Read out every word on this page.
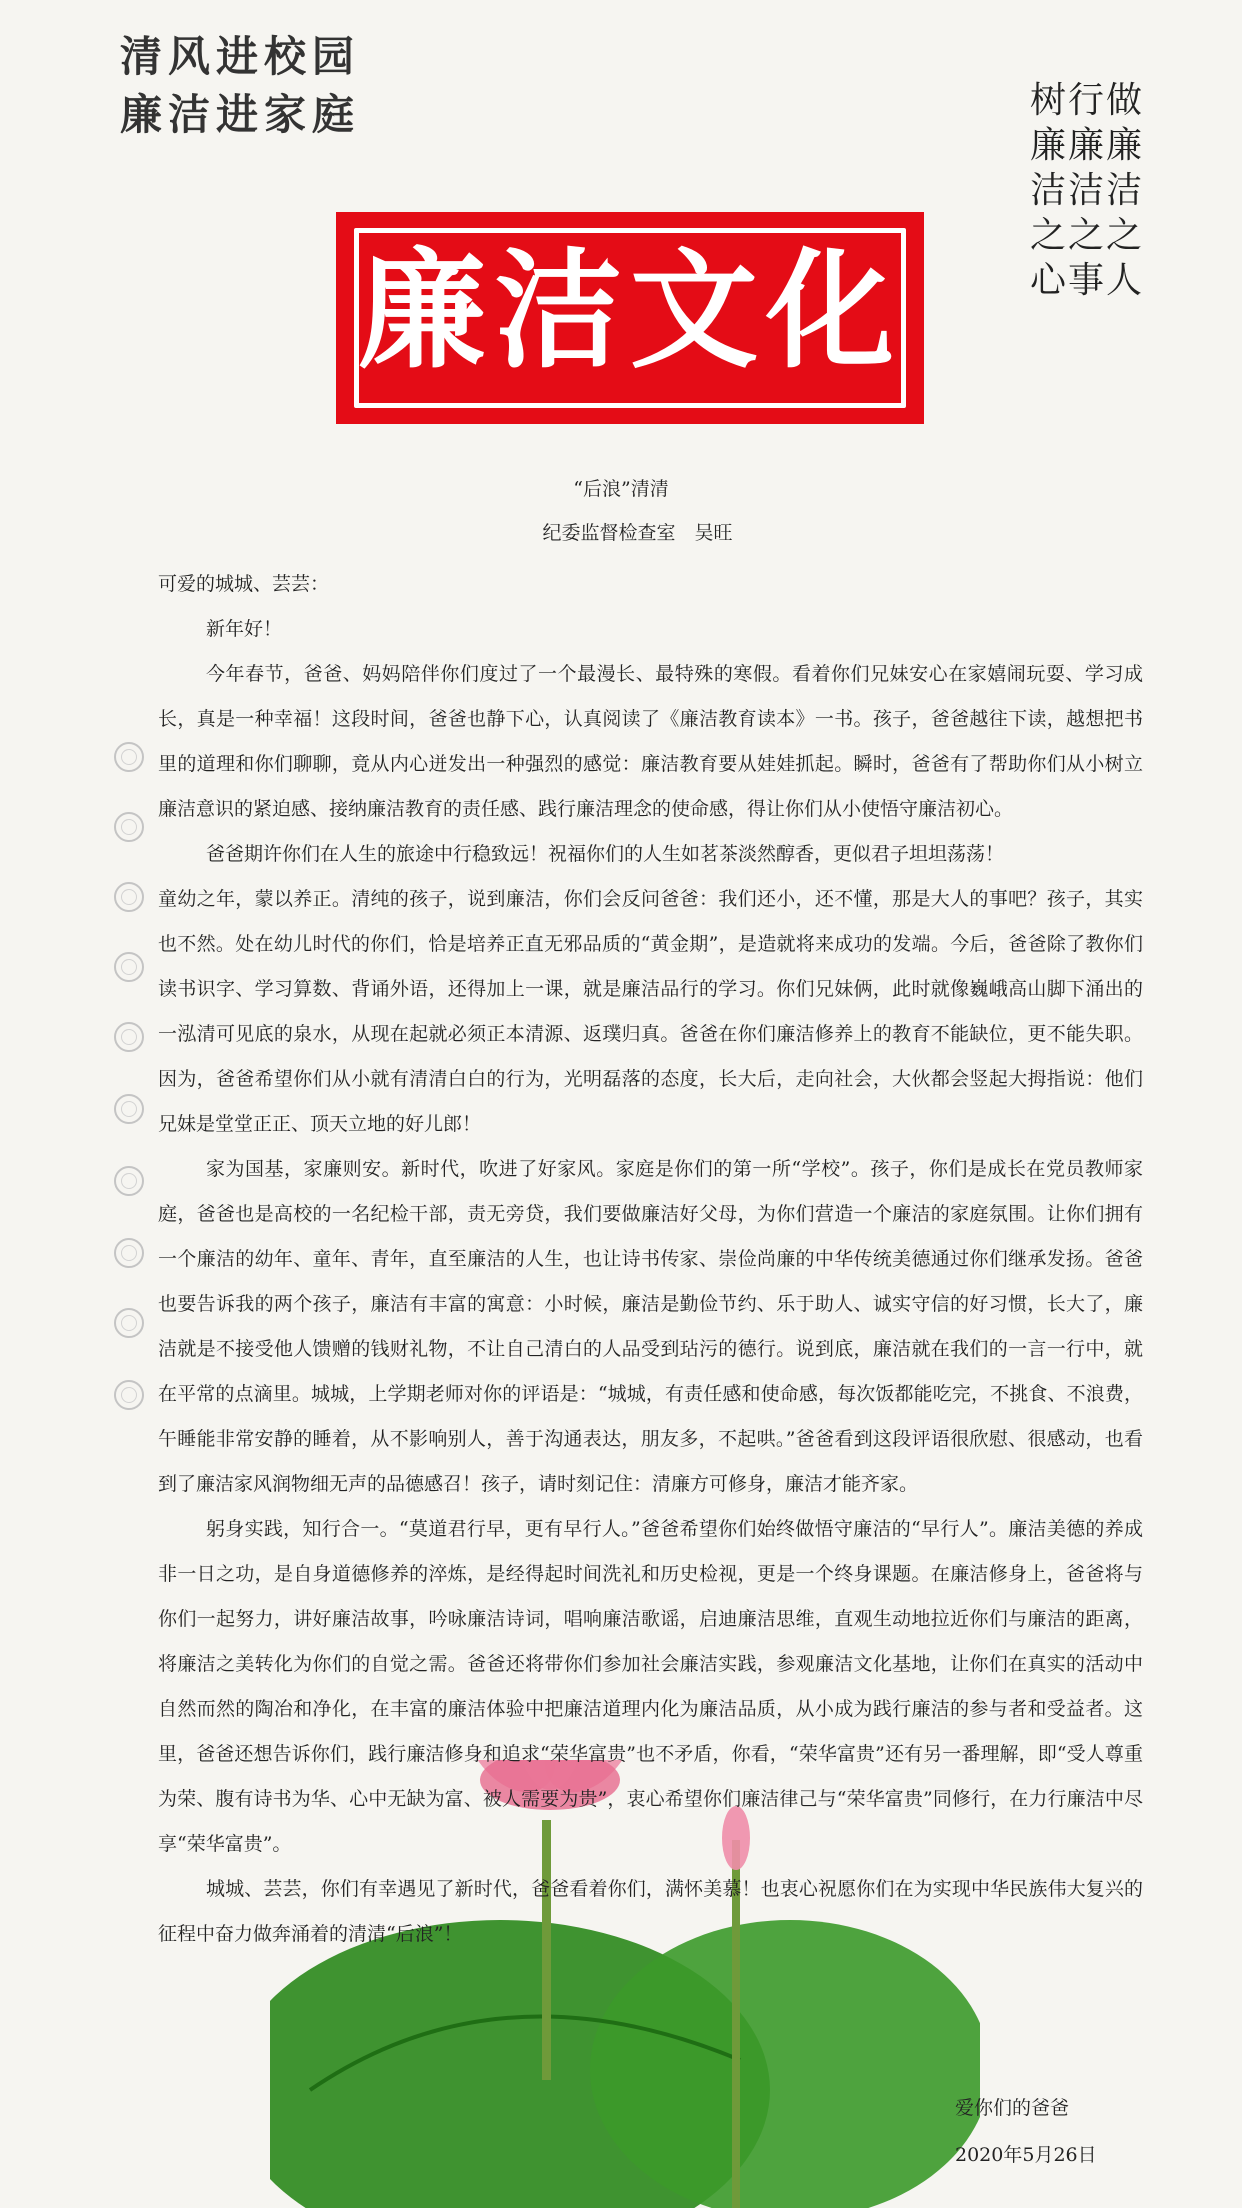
清风进校园
廉洁进家庭	树行做
廉廉廉
洁洁洁
之之之
心事人
廉洁文化
“后浪”清清
纪委监督检查室　吴旺

可爱的城城、芸芸：

新年好！

今年春节，爸爸、妈妈陪伴你们度过了一个最漫长、最特殊的寒假。看着你们兄妹安心在家嬉闹玩耍、学习成长，真是一种幸福！这段时间，爸爸也静下心，认真阅读了《廉洁教育读本》一书。孩子，爸爸越往下读，越想把书里的道理和你们聊聊，竟从内心迸发出一种强烈的感觉：廉洁教育要从娃娃抓起。瞬时，爸爸有了帮助你们从小树立廉洁意识的紧迫感、接纳廉洁教育的责任感、践行廉洁理念的使命感，得让你们从小使悟守廉洁初心。

爸爸期许你们在人生的旅途中行稳致远！祝福你们的人生如茗茶淡然醇香，更似君子坦坦荡荡！

童幼之年，蒙以养正。清纯的孩子，说到廉洁，你们会反问爸爸：我们还小，还不懂，那是大人的事吧？孩子，其实也不然。处在幼儿时代的你们，恰是培养正直无邪品质的“黄金期”，是造就将来成功的发端。今后，爸爸除了教你们读书识字、学习算数、背诵外语，还得加上一课，就是廉洁品行的学习。你们兄妹俩，此时就像巍峨高山脚下涌出的一泓清可见底的泉水，从现在起就必须正本清源、返璞归真。爸爸在你们廉洁修养上的教育不能缺位，更不能失职。因为，爸爸希望你们从小就有清清白白的行为，光明磊落的态度，长大后，走向社会，大伙都会竖起大拇指说：他们兄妹是堂堂正正、顶天立地的好儿郎！

家为国基，家廉则安。新时代，吹进了好家风。家庭是你们的第一所“学校”。孩子，你们是成长在党员教师家庭，爸爸也是高校的一名纪检干部，责无旁贷，我们要做廉洁好父母，为你们营造一个廉洁的家庭氛围。让你们拥有一个廉洁的幼年、童年、青年，直至廉洁的人生，也让诗书传家、崇俭尚廉的中华传统美德通过你们继承发扬。爸爸也要告诉我的两个孩子，廉洁有丰富的寓意：小时候，廉洁是勤俭节约、乐于助人、诚实守信的好习惯，长大了，廉洁就是不接受他人馈赠的钱财礼物，不让自己清白的人品受到玷污的德行。说到底，廉洁就在我们的一言一行中，就在平常的点滴里。城城，上学期老师对你的评语是：“城城，有责任感和使命感，每次饭都能吃完，不挑食、不浪费，午睡能非常安静的睡着，从不影响别人，善于沟通表达，朋友多，不起哄。”爸爸看到这段评语很欣慰、很感动，也看到了廉洁家风润物细无声的品德感召！孩子，请时刻记住：清廉方可修身，廉洁才能齐家。

躬身实践，知行合一。“莫道君行早，更有早行人。”爸爸希望你们始终做悟守廉洁的“早行人”。廉洁美德的养成非一日之功，是自身道德修养的淬炼，是经得起时间洗礼和历史检视，更是一个终身课题。在廉洁修身上，爸爸将与你们一起努力，讲好廉洁故事，吟咏廉洁诗词，唱响廉洁歌谣，启迪廉洁思维，直观生动地拉近你们与廉洁的距离，将廉洁之美转化为你们的自觉之需。爸爸还将带你们参加社会廉洁实践，参观廉洁文化基地，让你们在真实的活动中自然而然的陶冶和净化，在丰富的廉洁体验中把廉洁道理内化为廉洁品质，从小成为践行廉洁的参与者和受益者。这里，爸爸还想告诉你们，践行廉洁修身和追求“荣华富贵”也不矛盾，你看，“荣华富贵”还有另一番理解，即“受人尊重为荣、腹有诗书为华、心中无缺为富、被人需要为贵”，衷心希望你们廉洁律己与“荣华富贵”同修行，在力行廉洁中尽享“荣华富贵”。

城城、芸芸，你们有幸遇见了新时代，爸爸看着你们，满怀美慕！也衷心祝愿你们在为实现中华民族伟大复兴的征程中奋力做奔涌着的清清“后浪”！

爱你们的爸爸
2020年5月26日
